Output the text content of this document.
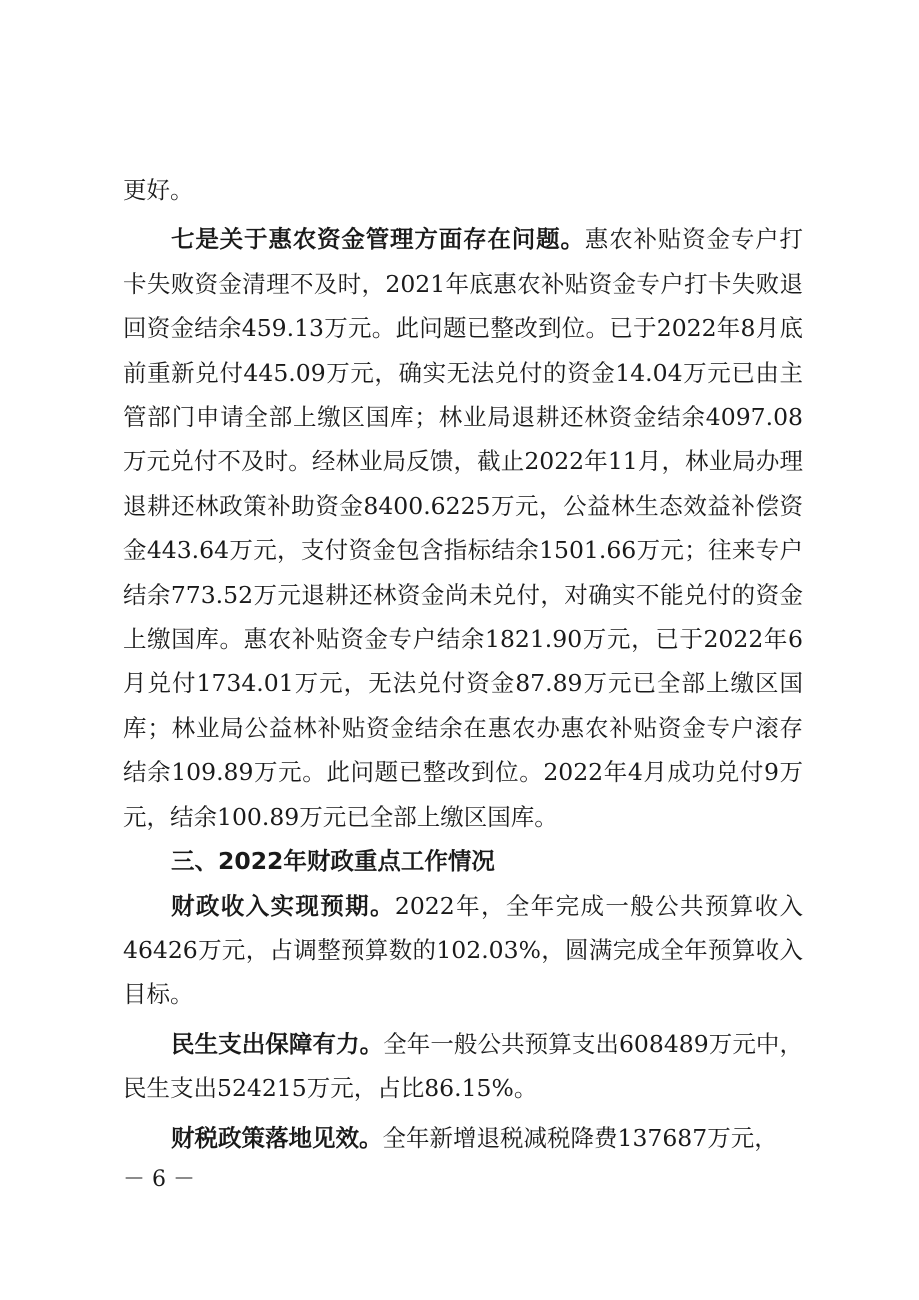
更好。

七是关于惠农资金管理方面存在问题。惠农补贴资金专户打卡失败资金清理不及时，2021年底惠农补贴资金专户打卡失败退回资金结余459.13万元。此问题已整改到位。已于2022年8月底前重新兑付445.09万元，确实无法兑付的资金14.04万元已由主管部门申请全部上缴区国库；林业局退耕还林资金结余4097.08万元兑付不及时。经林业局反馈，截止2022年11月，林业局办理退耕还林政策补助资金8400.6225万元，公益林生态效益补偿资金443.64万元，支付资金包含指标结余1501.66万元；往来专户结余773.52万元退耕还林资金尚未兑付，对确实不能兑付的资金上缴国库。惠农补贴资金专户结余1821.90万元，已于2022年6月兑付1734.01万元，无法兑付资金87.89万元已全部上缴区国库；林业局公益林补贴资金结余在惠农办惠农补贴资金专户滚存结余109.89万元。此问题已整改到位。2022年4月成功兑付9万元，结余100.89万元已全部上缴区国库。

三、2022年财政重点工作情况

财政收入实现预期。2022年，全年完成一般公共预算收入46426万元，占调整预算数的102.03%，圆满完成全年预算收入目标。

民生支出保障有力。全年一般公共预算支出608489万元中，民生支出524215万元，占比86.15%。

财税政策落地见效。全年新增退税减税降费137687万元，

－ 6 －
